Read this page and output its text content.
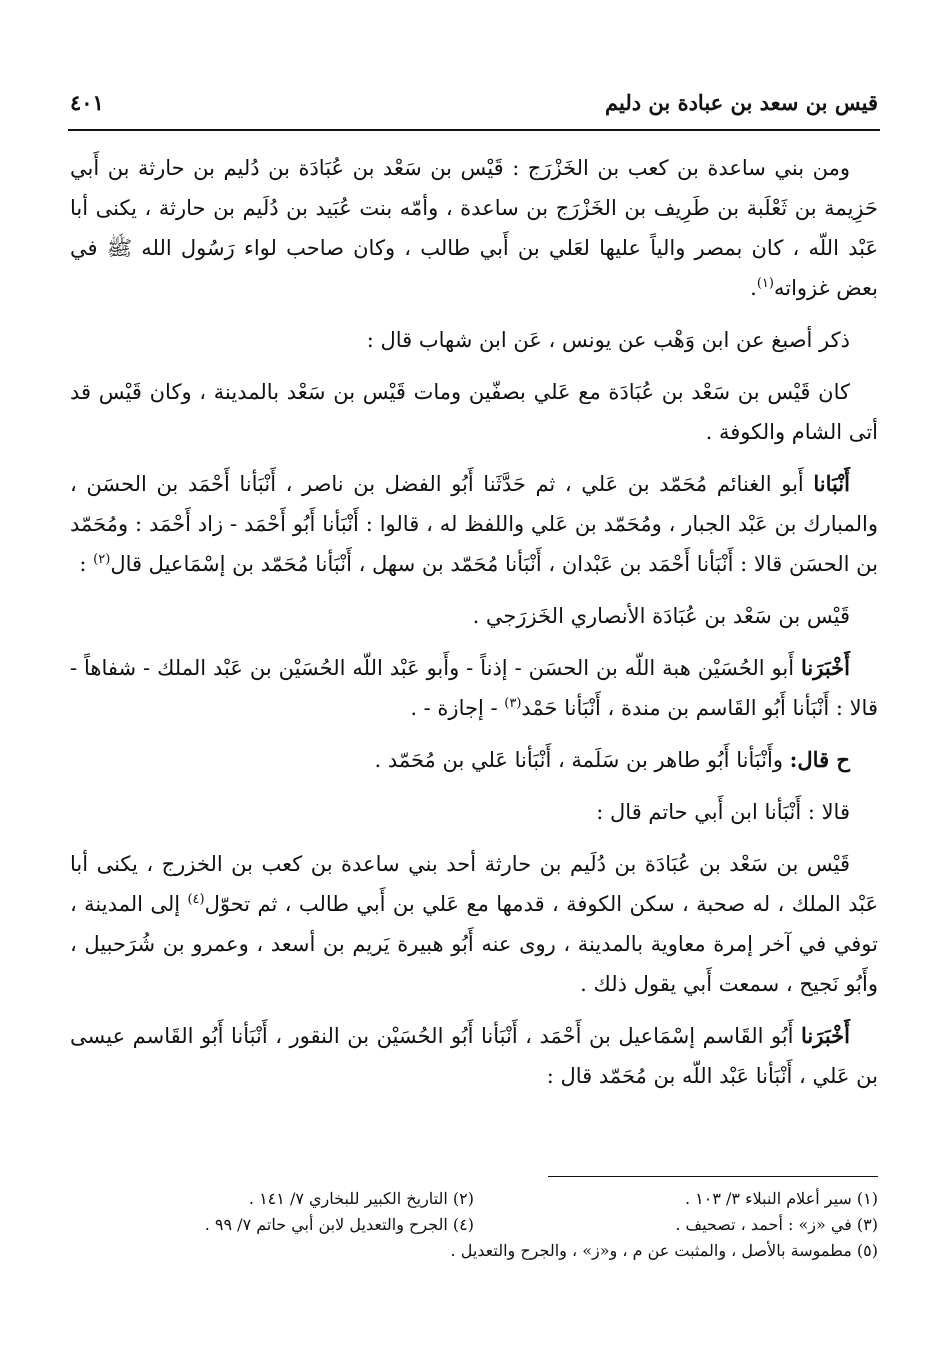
قيس بن سعد بن عبادة بن دليم
٤٠١

ومن بني ساعدة بن كعب بن الخَزْرَج : قَيْس بن سَعْد بن عُبَادَة بن دُليم بن حارثة بن أَبي حَزِيمة بن ثَعْلَبة بن طَرِيف بن الخَزْرَج بن ساعدة ، وأمّه بنت عُبَيد بن دُلَيم بن حارثة ، يكنى أبا عَبْد اللّه ، كان بمصر والياً عليها لعَلي بن أَبي طالب ، وكان صاحب لواء رَسُول الله ﷺ في بعض غزواته$^{(١)}$.

ذكر أصبغ عن ابن وَهْب عن يونس ، عَن ابن شهاب قال :

كان قَيْس بن سَعْد بن عُبَادَة مع عَلي بصفّين ومات قَيْس بن سَعْد بالمدينة ، وكان قَيْس قد أتى الشام والكوفة .

أَنْبَانا أَبو الغنائم مُحَمّد بن عَلي ، ثم حَدَّثَنا أَبُو الفضل بن ناصر ، أَنْبَأنا أَحْمَد بن الحسَن ، والمبارك بن عَبْد الجبار ، ومُحَمّد بن عَلي واللفظ له ، قالوا : أَنْبَأنا أَبُو أَحْمَد - زاد أَحْمَد : ومُحَمّد بن الحسَن قالا : أَنْبَأنا أَحْمَد بن عَبْدان ، أَنْبَأنا مُحَمّد بن سهل ، أَنْبَأنا مُحَمّد بن إسْمَاعيل قال$^{(٢)}$ :

قَيْس بن سَعْد بن عُبَادَة الأنصاري الخَزرَجي .

أَخْبَرَنا أَبو الحُسَيْن هبة اللّه بن الحسَن - إذناً - وأَبو عَبْد اللّه الحُسَيْن بن عَبْد الملك - شفاهاً - قالا : أَنْبَأنا أَبُو القَاسم بن مندة ، أَنْبَأنا حَمْد$^{(٣)}$ - إجازة - .

ح قال: وأَنْبَأنا أَبُو طاهر بن سَلَمة ، أَنْبَأنا عَلي بن مُحَمّد .

قالا : أَنْبَأنا ابن أَبي حاتم قال :

قَيْس بن سَعْد بن عُبَادَة بن دُلَيم بن حارثة أحد بني ساعدة بن كعب بن الخزرج ، يكنى أبا عَبْد الملك ، له صحبة ، سكن الكوفة ، قدمها مع عَلي بن أَبي طالب ، ثم تحوّل$^{(٤)}$ إلى المدينة ، توفي في آخر إمرة معاوية بالمدينة ، روى عنه أَبُو هبيرة يَريم بن أسعد ، وعمرو بن شُرَحبيل ، وأَبُو نَجيح ، سمعت أَبي يقول ذلك .

أَخْبَرَنا أَبُو القَاسم إسْمَاعيل بن أَحْمَد ، أَنْبَأنا أَبُو الحُسَيْن بن النقور ، أَنْبَأنا أَبُو القَاسم عيسى بن عَلي ، أَنْبَأنا عَبْد اللّه بن مُحَمّد قال :

(١) سير أعلام النبلاء ٣/ ١٠٣ .
(٢) التاريخ الكبير للبخاري ٧/ ١٤١ .
(٣) في «ز» : أحمد ، تصحيف .
(٤) الجرح والتعديل لابن أبي حاتم ٧/ ٩٩ .
(٥) مطموسة بالأصل ، والمثبت عن م ، و«ز» ، والجرح والتعديل .
